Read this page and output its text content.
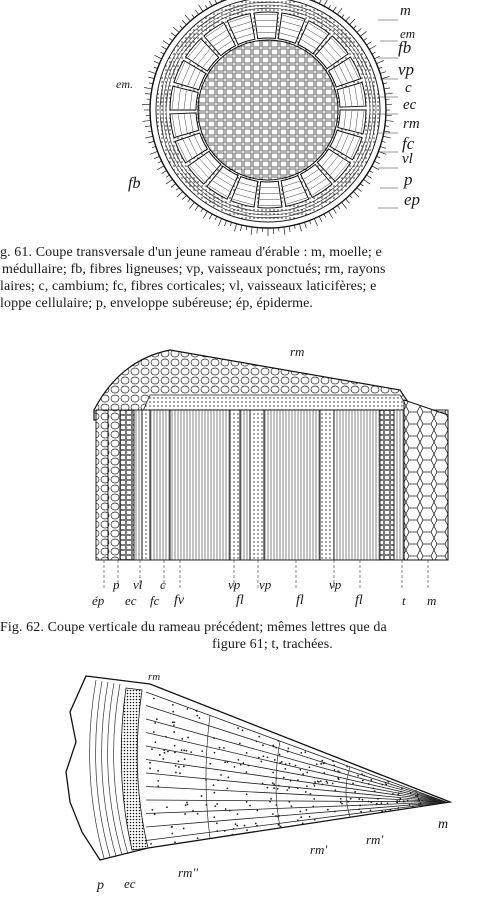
m
em
fb
vp
c
ec
rm
fc
vl
p
ep
em.
fb
g. 61. Coupe transversale d'un jeune rameau d'érable : m, moelle; e
médullaire; fb, fibres ligneuses; vp, vaisseaux ponctués; rm, rayons
laires; c, cambium; fc, fibres corticales; vl, vaisseaux laticifères; e
loppe cellulaire; p, enveloppe subéreuse; ép, épiderme.
rm
p vl c
ép ec fc fv
vp vp	vp
fl	fl	fl	t m
Fig. 62. Coupe verticale du rameau précédent; mêmes lettres que da
figure 61; t, trachées.
rm
rm'
rm'
m
p ec
rm''
